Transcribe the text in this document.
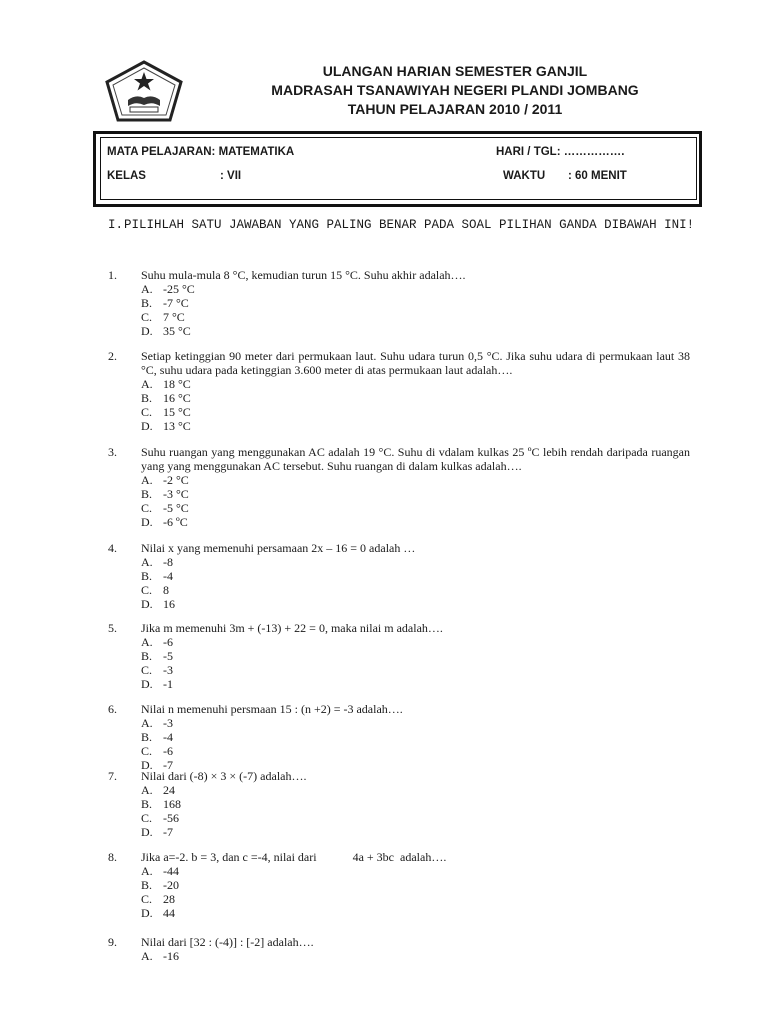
ULANGAN HARIAN SEMESTER GANJIL
MADRASAH TSANAWIYAH NEGERI PLANDI JOMBANG
TAHUN PELAJARAN 2010 / 2011
MATA PELAJARAN: MATEMATIKA	HARI / TGL: …………….
KELAS	: VII	WAKTU : 60 MENIT
I. PILIHLAH SATU JAWABAN YANG PALING BENAR PADA SOAL PILIHAN GANDA DIBAWAH INI!
1. Suhu mula-mula 8 °C, kemudian turun 15 °C. Suhu akhir adalah….
A. -25 °C
B. -7 °C
C. 7 °C
D. 35 °C
2. Setiap ketinggian 90 meter dari permukaan laut. Suhu udara turun 0,5 °C. Jika suhu udara di permukaan laut 38 °C, suhu udara pada ketinggian 3.600 meter di atas permukaan laut adalah….
A. 18 °C
B. 16 °C
C. 15 °C
D. 13 °C
3. Suhu ruangan yang menggunakan AC adalah 19 °C. Suhu di vdalam kulkas 25 ºC lebih rendah daripada ruangan yang yang menggunakan AC tersebut. Suhu ruangan di dalam kulkas adalah….
A. -2 °C
B. -3 °C
C. -5 °C
D. -6 ºC
4. Nilai x yang memenuhi persamaan 2x – 16 = 0 adalah …
A. -8
B. -4
C. 8
D. 16
5. Jika m memenuhi 3m + (-13) + 22 = 0, maka nilai m adalah….
A. -6
B. -5
C. -3
D. -1
6. Nilai n memenuhi persmaan 15 : (n +2) = -3 adalah….
A. -3
B. -4
C. -6
D. -7
7. Nilai dari (-8) × 3 × (-7) adalah….
A. 24
B. 168
C. -56
D. -7
8. Jika a=-2. b = 3, dan c =-4, nilai dari            4a + 3bc  adalah….
A. -44
B. -20
C. 28
D. 44
9. Nilai dari [32 : (-4)] : [-2] adalah….
A. -16
